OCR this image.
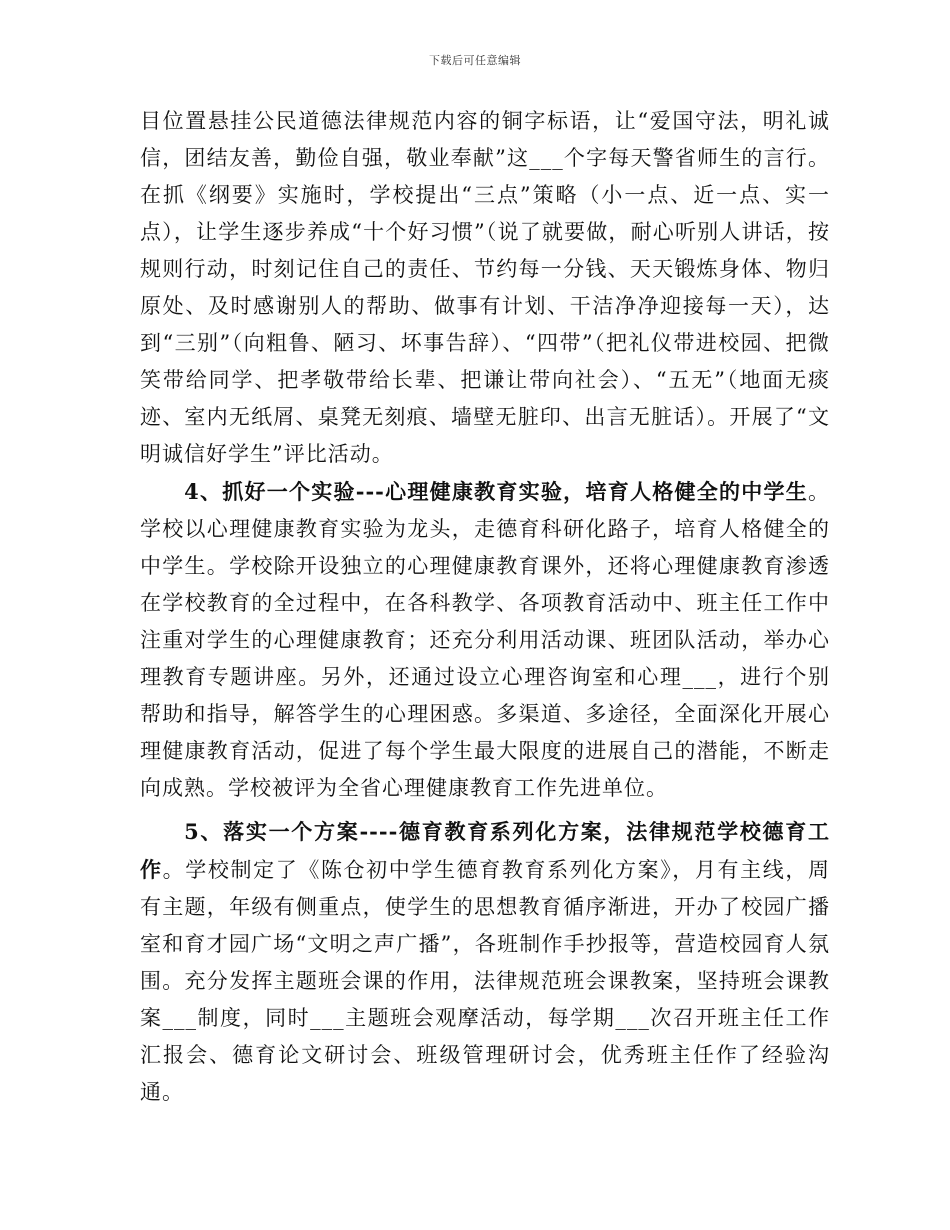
下载后可任意编辑

目位置悬挂公民道德法律规范内容的铜字标语，让“爱国守法，明礼诚信，团结友善，勤俭自强，敬业奉献”这___个字每天警省师生的言行。在抓《纲要》实施时，学校提出“三点”策略（小一点、近一点、实一点），让学生逐步养成“十个好习惯”（说了就要做，耐心听别人讲话，按规则行动，时刻记住自己的责任、节约每一分钱、天天锻炼身体、物归原处、及时感谢别人的帮助、做事有计划、干洁净净迎接每一天），达到“三别”（向粗鲁、陋习、坏事告辞）、“四带”（把礼仪带进校园、把微笑带给同学、把孝敬带给长辈、把谦让带向社会）、“五无”（地面无痰迹、室内无纸屑、桌凳无刻痕、墙壁无脏印、出言无脏话）。开展了“文明诚信好学生”评比活动。

4、抓好一个实验---心理健康教育实验，培育人格健全的中学生。学校以心理健康教育实验为龙头，走德育科研化路子，培育人格健全的中学生。学校除开设独立的心理健康教育课外，还将心理健康教育渗透在学校教育的全过程中，在各科教学、各项教育活动中、班主任工作中注重对学生的心理健康教育；还充分利用活动课、班团队活动，举办心理教育专题讲座。另外，还通过设立心理咨询室和心理___，进行个别帮助和指导，解答学生的心理困惑。多渠道、多途径，全面深化开展心理健康教育活动，促进了每个学生最大限度的进展自己的潜能，不断走向成熟。学校被评为全省心理健康教育工作先进单位。

5、落实一个方案----德育教育系列化方案，法律规范学校德育工作。学校制定了《陈仓初中学生德育教育系列化方案》，月有主线，周有主题，年级有侧重点，使学生的思想教育循序渐进，开办了校园广播室和育才园广场“文明之声广播”，各班制作手抄报等，营造校园育人氛围。充分发挥主题班会课的作用，法律规范班会课教案，坚持班会课教案___制度，同时___主题班会观摩活动，每学期___次召开班主任工作汇报会、德育论文研讨会、班级管理研讨会，优秀班主任作了经验沟通。
